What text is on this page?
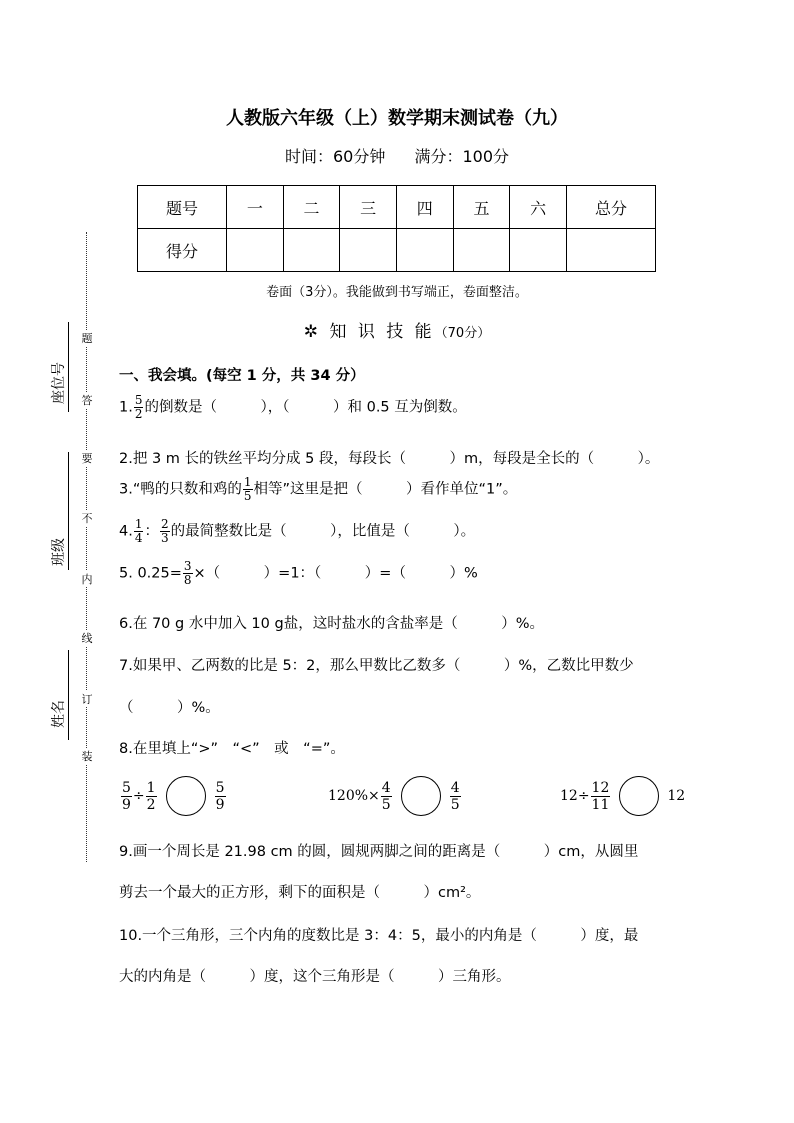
人教版六年级（上）数学期末测试卷（九）
时间：60分钟 满分：100分
题号	一	二	三	四	五	六	总分
得分							
卷面（3分）。我能做到书写端正，卷面整洁。
✲ 知 识 技 能（70分）
一、我会填。(每空 1 分，共 34 分）
1. $\frac{5}{2}$ 的倒数是（　　　），（　　　）和 0.5 互为倒数。
2.把 3 m 长的铁丝平均分成 5 段，每段长（　　　）m，每段是全长的（　　　）。
3.“鸭的只数和鸡的 $\frac{1}{5}$ 相等”这里是把（　　　）看作单位“1”。
4. $\frac{1}{4}$ ： $\frac{2}{3}$ 的最简整数比是（　　　），比值是（　　　）。
5. $0.25= \frac{3}{8}$ ×（　　　）=1：（　　　）=（　　　）%
6.在 70 g 水中加入 10 g盐，这时盐水的含盐率是（　　　）%。
7.如果甲、乙两数的比是 5：2，那么甲数比乙数多（　　　）%，乙数比甲数少
（　　　）%。
8.在里填上“>”　“<”　或　“=”。
$\frac{5}{9} \div \frac{1}{2}$	$\frac{5}{9}$	$120\%\times \frac{4}{5}$	$\frac{4}{5}$	$12\div \frac{12}{11}$	12
9.画一个周长是 21.98 cm 的圆，圆规两脚之间的距离是（　　　）cm，从圆里
剪去一个最大的正方形，剩下的面积是（　　　）cm²。
10.一个三角形，三个内角的度数比是 3：4：5，最小的内角是（　　　）度，最
大的内角是（　　　）度，这个三角形是（　　　）三角形。
题
答
要
不
内
线
订
装
座位号
班级
姓名
